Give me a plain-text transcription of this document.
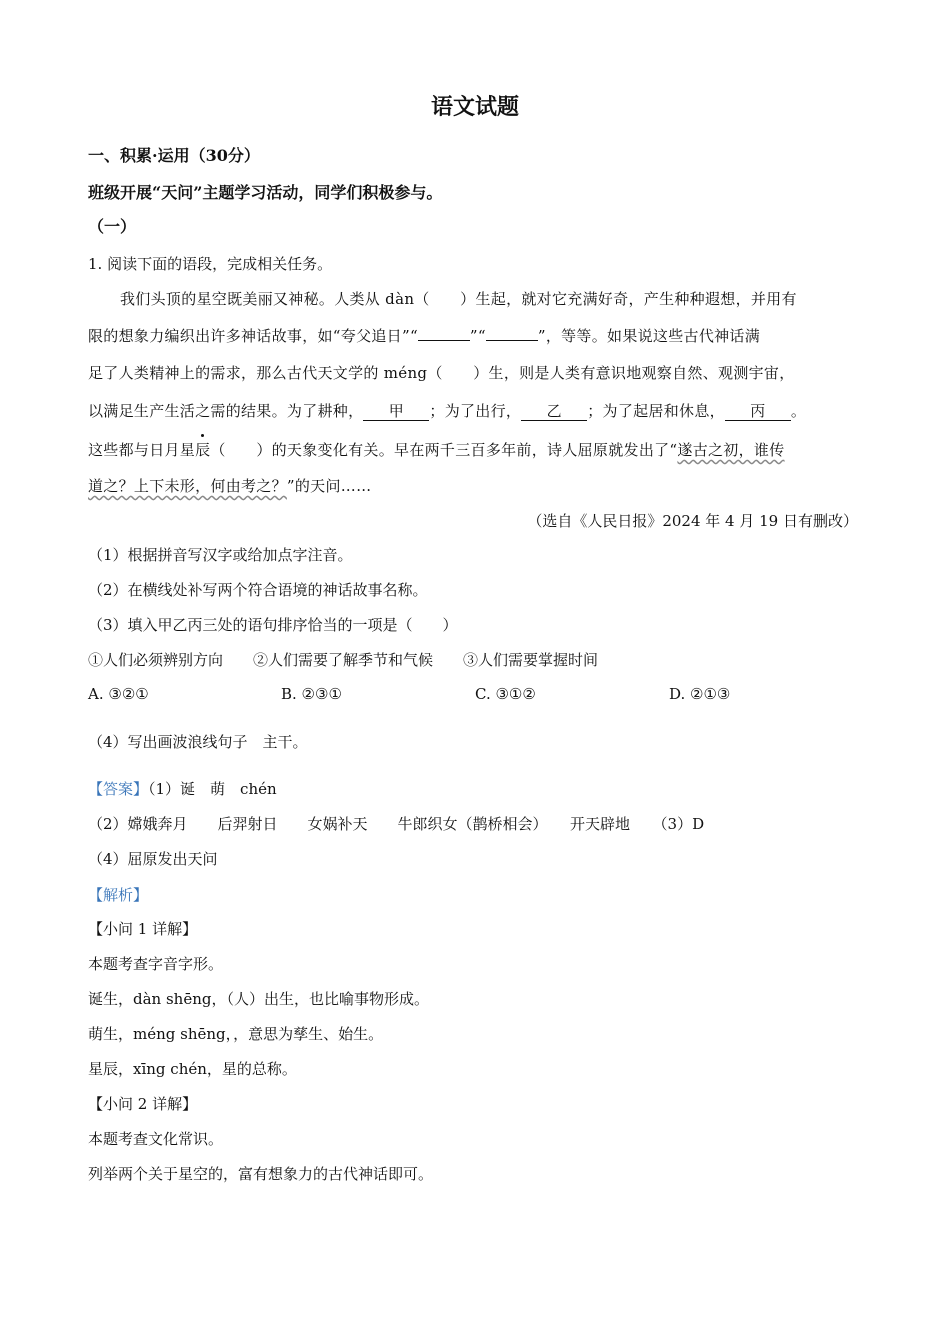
语文试题
一、积累·运用（30分）
班级开展“天问”主题学习活动，同学们积极参与。
（一）
1. 阅读下面的语段，完成相关任务。
我们头顶的星空既美丽又神秘。人类从 dàn（　　）生起，就对它充满好奇，产生种种遐想，并用有
限的想象力编织出许多神话故事，如“夸父追日”“	”“	”，等等。如果说这些古代神话满
足了人类精神上的需求，那么古代天文学的 méng（　　）生，则是人类有意识地观察自然、观测宇宙，
以满足生产生活之需的结果。为了耕种， 甲 ；为了出行， 乙 ；为了起居和休息， 丙 。
这些都与日月星辰（　　）的天象变化有关。早在两千三百多年前，诗人屈原就发出了“遂古之初，谁传
道之？上下未形，何由考之？”的天问……
（选自《人民日报》2024 年 4 月 19 日有删改）
（1）根据拼音写汉字或给加点字注音。
（2）在横线处补写两个符合语境的神话故事名称。
（3）填入甲乙丙三处的语句排序恰当的一项是（　　）
①人们必须辨别方向　　②人们需要了解季节和气候　　③人们需要掌握时间
A. ③②①	B. ②③①	C. ③①②	D. ②①③
（4）写出画波浪线句子　主干。
【答案】（1）诞　萌　chén
（2）嫦娥奔月　　后羿射日　　女娲补天　　牛郎织女（鹊桥相会）　　开天辟地　　（3）D
（4）屈原发出天问
【解析】
【小问 1 详解】
本题考查字音字形。
诞生，dàn shēng，（人）出生，也比喻事物形成。
萌生，méng shēng，，意思为孳生、始生。
星辰，xīng chén，星的总称。
【小问 2 详解】
本题考查文化常识。
列举两个关于星空的，富有想象力的古代神话即可。
